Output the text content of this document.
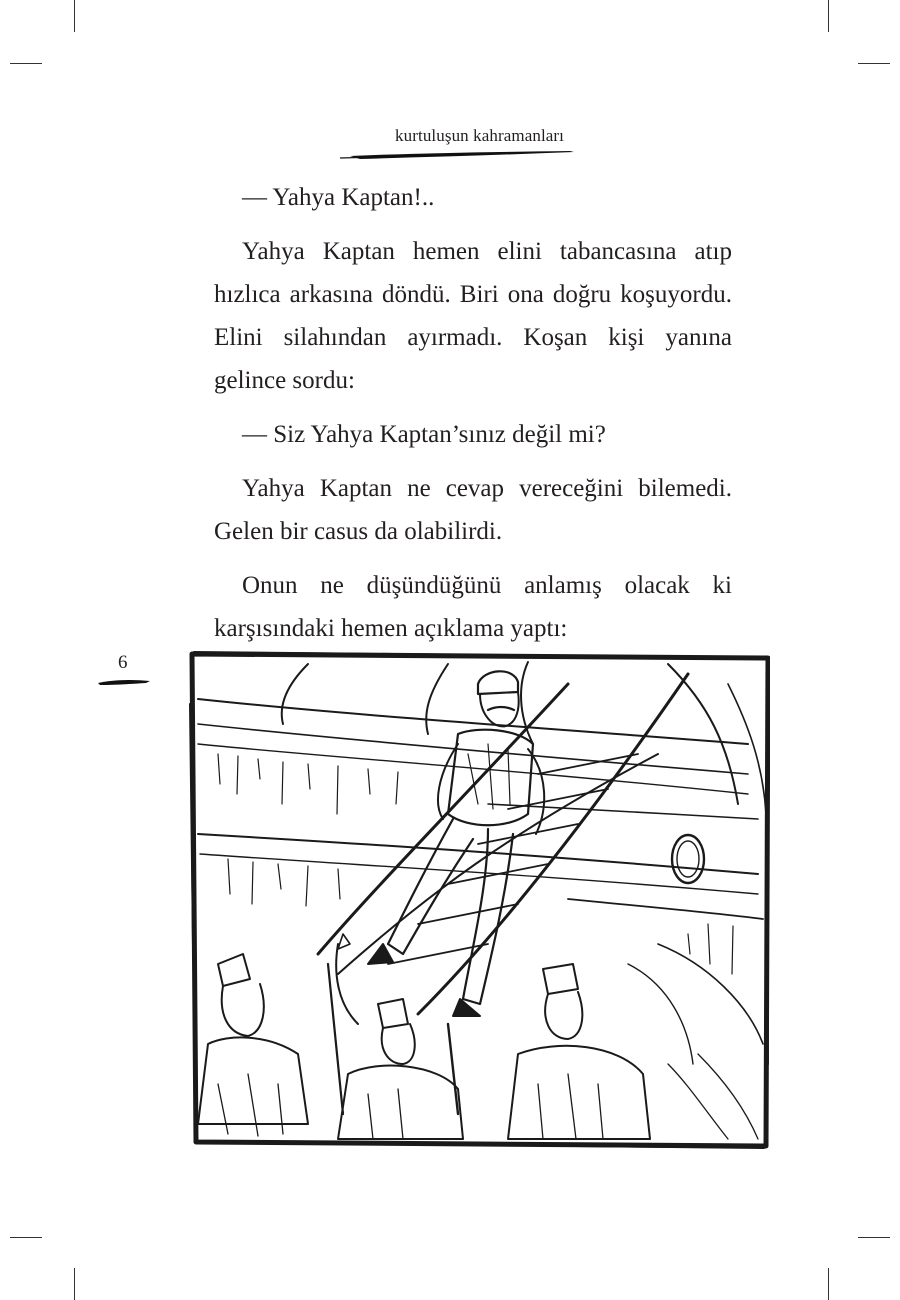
kurtuluşun kahramanları

— Yahya Kaptan!..

Yahya Kaptan hemen elini tabancasına atıp hızlıca arkasına döndü. Biri ona doğru koşuyordu. Elini silahından ayırmadı. Koşan kişi yanına gelince sordu:

— Siz Yahya Kaptan’sınız değil mi?

Yahya Kaptan ne cevap vereceğini bilemedi. Gelen bir casus da olabilirdi.

Onun ne düşündüğünü anlamış olacak ki karşısındaki hemen açıklama yaptı:

6
